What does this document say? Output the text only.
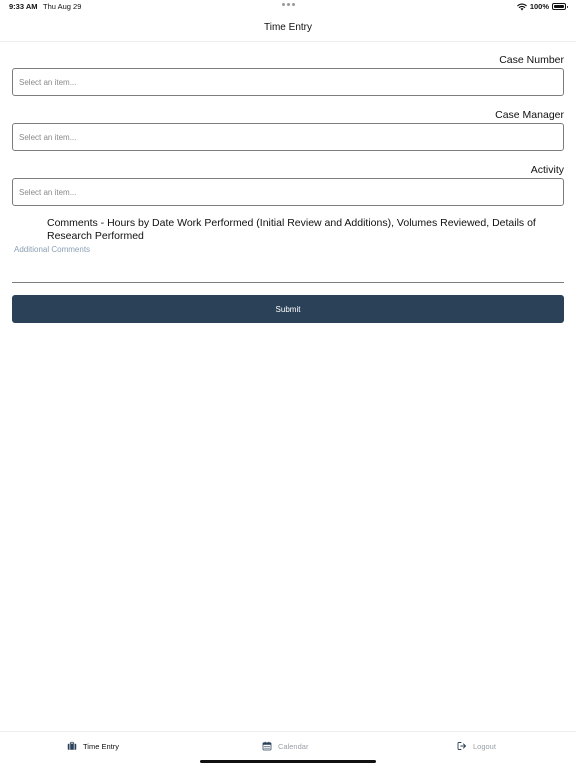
9:33 AM Thu Aug 29	100%
Time Entry
Case Number
Select an item...
Case Manager
Select an item...
Activity
Select an item...
Comments - Hours by Date Work Performed (Initial Review and Additions), Volumes Reviewed, Details of Research Performed
Additional Comments
Submit
Time Entry	Calendar	Logout
